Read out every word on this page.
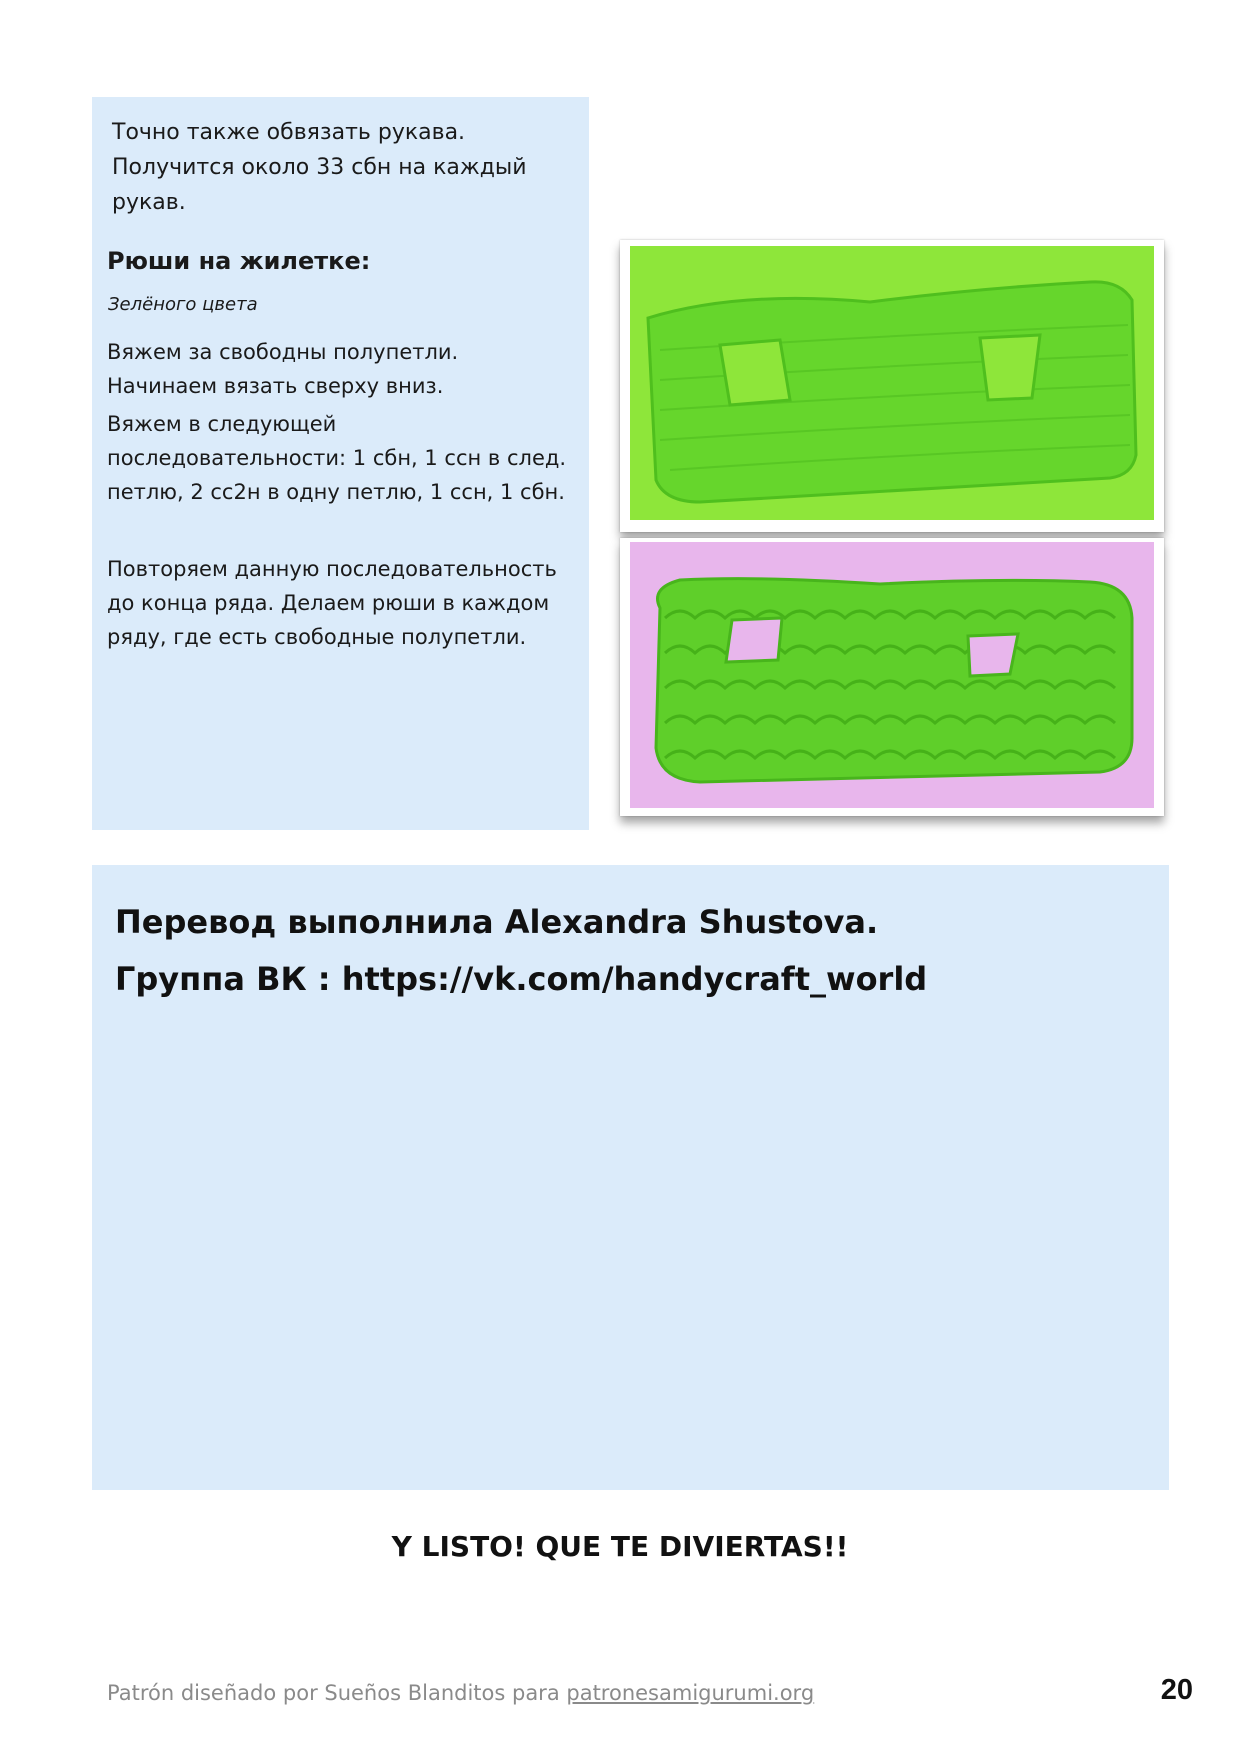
Точно также обвязать рукава. Получится около 33 сбн на каждый рукав.

Рюши на жилетке:

Зелёного цвета

Вяжем за свободны полупетли. Начинаем вязать сверху вниз.

Вяжем в следующей последовательности: 1 сбн, 1 ссн в след. петлю, 2 сс2н в одну петлю, 1 ссн, 1 сбн.

Повторяем данную последовательность до конца ряда. Делаем рюши в каждом ряду, где есть свободные полупетли.

Перевод выполнила Alexandra Shustova.

Группа ВК : https://vk.com/handycraft_world

Y LISTO! QUE TE DIVIERTAS!!

Patrón diseñado por Sueños Blanditos para patronesamigurumi.org	20
